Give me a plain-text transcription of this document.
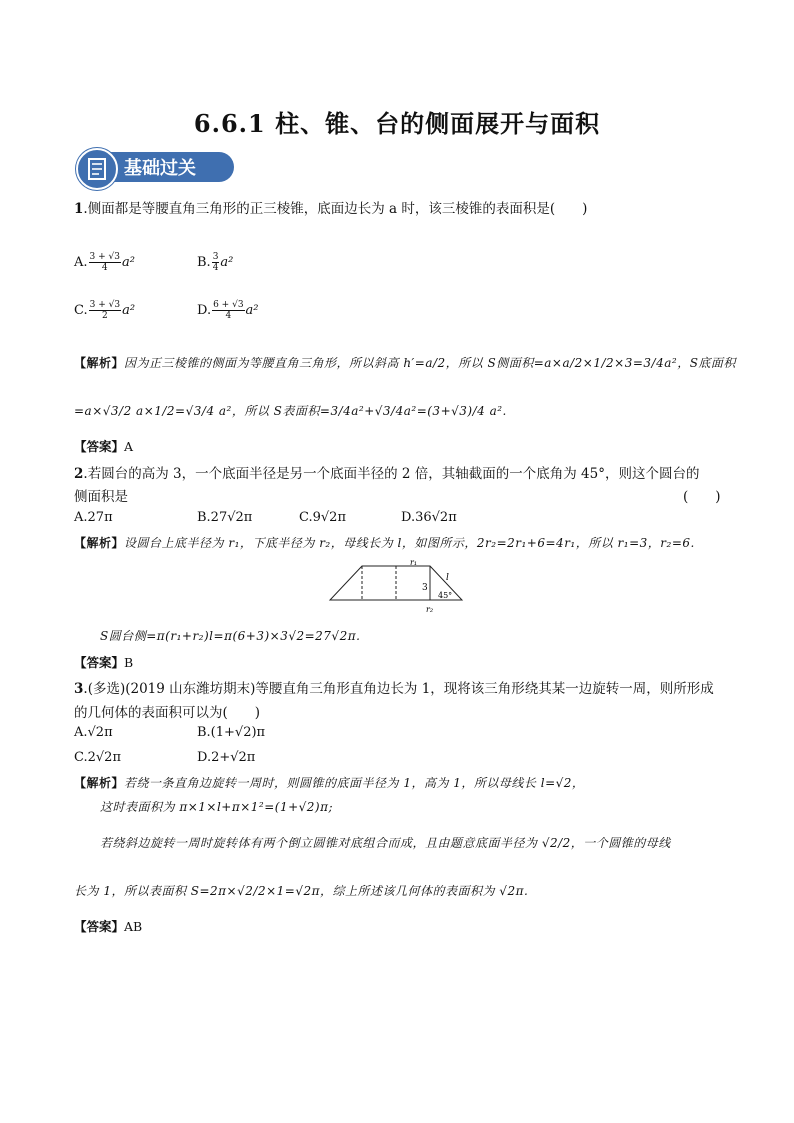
6.6.1 柱、锥、台的侧面展开与面积
基础过关
1.侧面都是等腰直角三角形的正三棱锥，底面边长为 a 时，该三棱锥的表面积是(　　)
A. $\frac{3 + √3}{4} a^2$	B. $\frac{3}{4} a^2$
C. $\frac{3 + √3}{2} a^2$	D. $\frac{6 + √3}{4} a^2$
【解析】因为正三棱锥的侧面为等腰直角三角形，所以斜高 h′=a/2，所以 S侧面积=a×a/2×1/2×3=3/4a²，S底面积
=a×√3/2 a×1/2=√3/4 a²，所以 S表面积=3/4a²+√3/4a²=(3+√3)/4 a².
【答案】A
2.若圆台的高为 3，一个底面半径是另一个底面半径的 2 倍，其轴截面的一个底角为 45°，则这个圆台的
侧面积是	(　　)
A.27π	B.27√2π	C.9√2π	D.36√2π
【解析】设圆台上底半径为 r₁，下底半径为 r₂，母线长为 l，如图所示，2r₂=2r₁+6=4r₁，所以 r₁=3，r₂=6.
r₁
l
3
45°
r₂
S圆台侧=π(r₁+r₂)l=π(6+3)×3√2=27√2π.
【答案】B
3.(多选)(2019 山东潍坊期末)等腰直角三角形直角边长为 1，现将该三角形绕其某一边旋转一周，则所形成
的几何体的表面积可以为(　　)
A.√2π	B.(1+√2)π
C.2√2π	D.2+√2π
【解析】若绕一条直角边旋转一周时，则圆锥的底面半径为 1，高为 1，所以母线长 l=√2，
这时表面积为 π×1×l+π×1²=(1+√2)π;
若绕斜边旋转一周时旋转体有两个倒立圆锥对底组合而成，且由题意底面半径为 √2/2，一个圆锥的母线
长为 1，所以表面积 S=2π×√2/2×1=√2π，综上所述该几何体的表面积为 √2π.
【答案】AB
